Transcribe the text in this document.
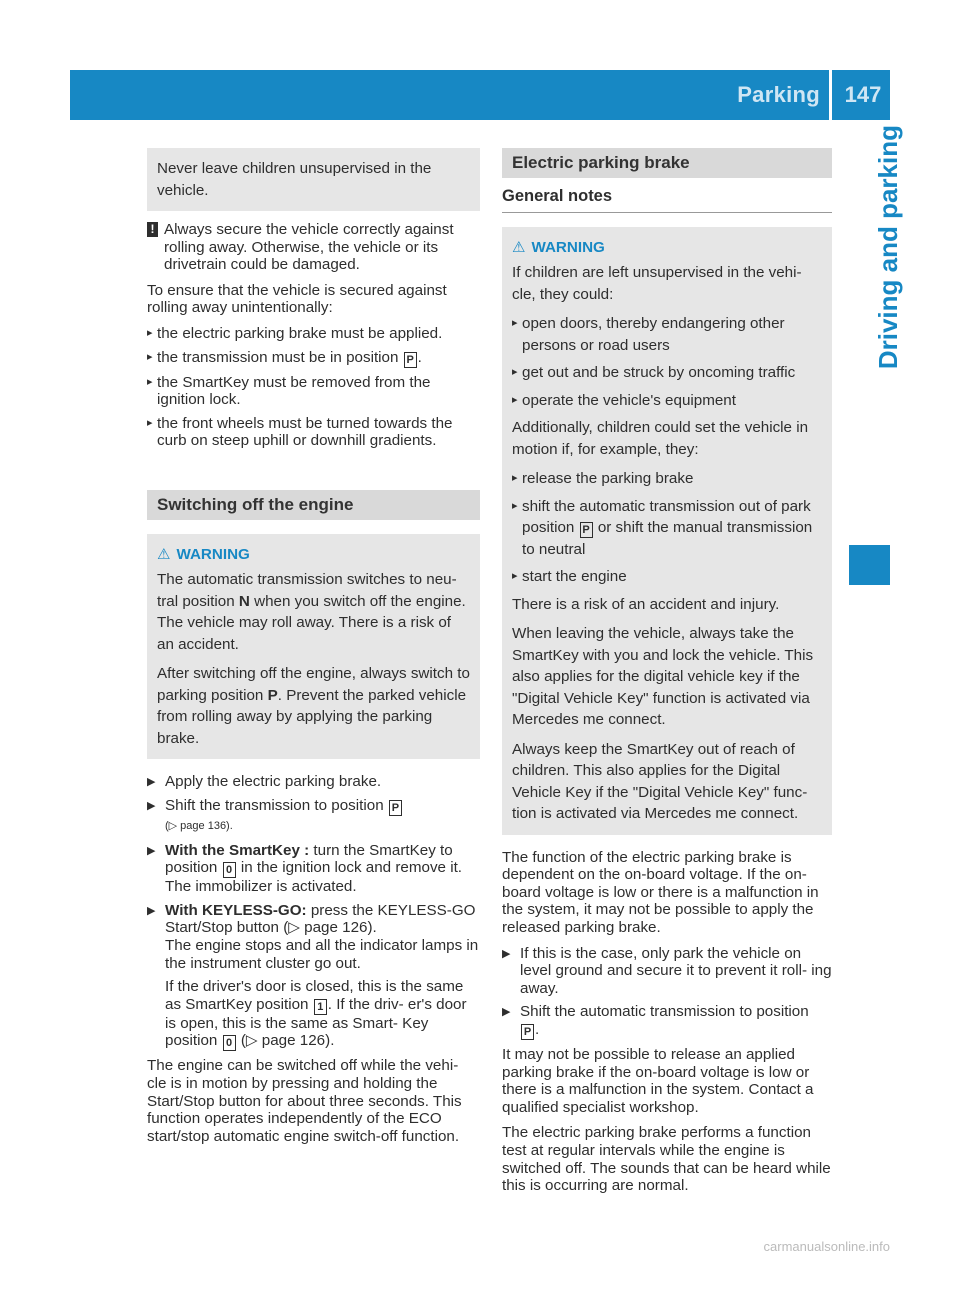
Parking	147
Driving and parking
Never leave children unsupervised in the vehicle.
! Always secure the vehicle correctly against rolling away. Otherwise, the vehicle or its drivetrain could be damaged.

To ensure that the vehicle is secured against rolling away unintentionally:

▸ the electric parking brake must be applied.
▸ the transmission must be in position P .
▸ the SmartKey must be removed from the ignition lock.
▸ the front wheels must be turned towards the curb on steep uphill or downhill gradients.
Switching off the engine
⚠ WARNING

The automatic transmission switches to neu- tral position N when you switch off the engine. The vehicle may roll away. There is a risk of an accident.

After switching off the engine, always switch to parking position P. Prevent the parked vehicle from rolling away by applying the parking brake.

▶ Apply the electric parking brake.
▶ Shift the transmission to position P
(▷ page 136).
▶ With the SmartKey : turn the SmartKey to position 0 in the ignition lock and remove it.
The immobilizer is activated.
▶ With KEYLESS-GO: press the KEYLESS-GO Start/Stop button (▷ page 126).
The engine stops and all the indicator lamps in the instrument cluster go out.
If the driver's door is closed, this is the same as SmartKey position 1 . If the driv- er's door is open, this is the same as Smart- Key position 0 (▷ page 126).

The engine can be switched off while the vehi- cle is in motion by pressing and holding the Start/Stop button for about three seconds. This function operates independently of the ECO start/stop automatic engine switch-off function.

Electric parking brake
General notes
⚠ WARNING

If children are left unsupervised in the vehi- cle, they could:

▸ open doors, thereby endangering other persons or road users
▸ get out and be struck by oncoming traffic
▸ operate the vehicle's equipment

Additionally, children could set the vehicle in motion if, for example, they:

▸ release the parking brake
▸ shift the automatic transmission out of park position P or shift the manual transmission to neutral
▸ start the engine

There is a risk of an accident and injury.

When leaving the vehicle, always take the SmartKey with you and lock the vehicle. This also applies for the digital vehicle key if the "Digital Vehicle Key" function is activated via Mercedes me connect.

Always keep the SmartKey out of reach of children. This also applies for the Digital Vehicle Key if the "Digital Vehicle Key" func- tion is activated via Mercedes me connect.

The function of the electric parking brake is dependent on the on-board voltage. If the on- board voltage is low or there is a malfunction in the system, it may not be possible to apply the released parking brake.

▶ If this is the case, only park the vehicle on level ground and secure it to prevent it roll- ing away.
▶ Shift the automatic transmission to position
P .

It may not be possible to release an applied parking brake if the on-board voltage is low or there is a malfunction in the system. Contact a qualified specialist workshop.

The electric parking brake performs a function test at regular intervals while the engine is switched off. The sounds that can be heard while this is occurring are normal.

carmanualsonline.info
